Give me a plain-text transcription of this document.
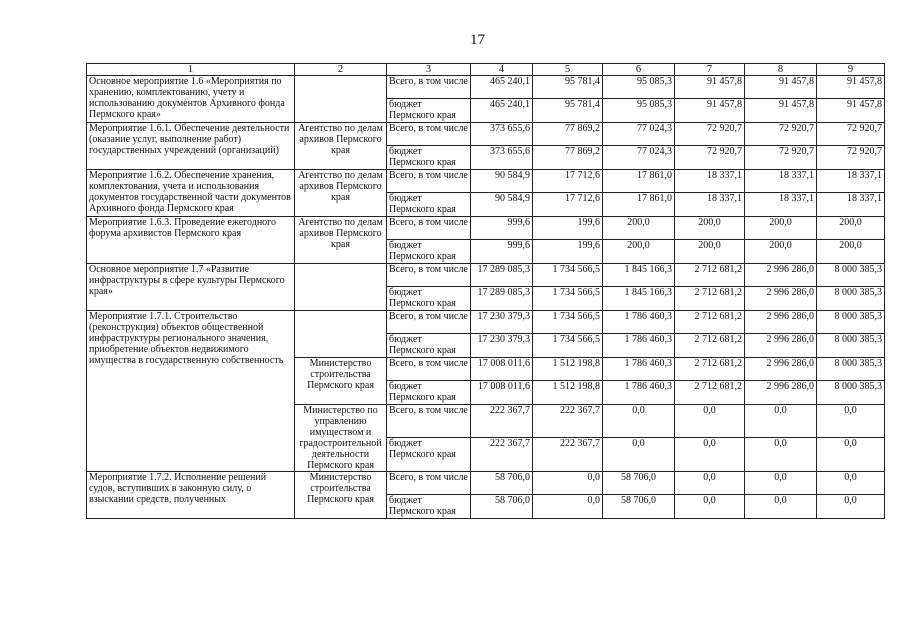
17
1	2	3	4	5	6	7	8	9
Основное мероприятие 1.6 «Мероприятия по хранению, комплектованию, учету и использованию документов Архивного фонда Пермского края»		Всего, в том числе	465 240,1	95 781,4	95 085,3	91 457,8	91 457,8	91 457,8
		бюджет Пермского края	465 240,1	95 781,4	95 085,3	91 457,8	91 457,8	91 457,8
Мероприятие 1.6.1. Обеспечение деятельности (оказание услуг, выполнение работ) государственных учреждений (организаций)	Агентство по делам архивов Пермского края	Всего, в том числе	373 655,6	77 869,2	77 024,3	72 920,7	72 920,7	72 920,7
		бюджет Пермского края	373 655,6	77 869,2	77 024,3	72 920,7	72 920,7	72 920,7
Мероприятие 1.6.2. Обеспечение хранения, комплектования, учета и использования документов государственной части документов Архивного фонда Пермского края	Агентство по делам архивов Пермского края	Всего, в том числе	90 584,9	17 712,6	17 861,0	18 337,1	18 337,1	18 337,1
		бюджет Пермского края	90 584,9	17 712,6	17 861,0	18 337,1	18 337,1	18 337,1
Мероприятие 1.6.3. Проведение ежегодного форума архивистов Пермского края	Агентство по делам архивов Пермского края	Всего, в том числе	999,6	199,6	200,0	200,0	200,0	200,0
		бюджет Пермского края	999,6	199,6	200,0	200,0	200,0	200,0
Основное мероприятие 1.7 «Развитие инфраструктуры в сфере культуры Пермского края»		Всего, в том числе	17 289 085,3	1 734 566,5	1 845 166,3	2 712 681,2	2 996 286,0	8 000 385,3
		бюджет Пермского края	17 289 085,3	1 734 566,5	1 845 166,3	2 712 681,2	2 996 286,0	8 000 385,3
Мероприятие 1.7.1. Строительство (реконструкция) объектов общественной инфраструктуры регионального значения, приобретение объектов недвижимого имущества в государственную собственность		Всего, в том числе	17 230 379,3	1 734 566,5	1 786 460,3	2 712 681,2	2 996 286,0	8 000 385,3
		бюджет Пермского края	17 230 379,3	1 734 566,5	1 786 460,3	2 712 681,2	2 996 286,0	8 000 385,3
	Министерство строительства Пермского края	Всего, в том числе	17 008 011,6	1 512 198,8	1 786 460,3	2 712 681,2	2 996 286,0	8 000 385,3
		бюджет Пермского края	17 008 011,6	1 512 198,8	1 786 460,3	2 712 681,2	2 996 286,0	8 000 385,3
	Министерство по управлению имуществом и градостроительной деятельности Пермского края	Всего, в том числе	222 367,7	222 367,7	0,0	0,0	0,0	0,0
		бюджет Пермского края	222 367,7	222 367,7	0,0	0,0	0,0	0,0
Мероприятие 1.7.2. Исполнение решений судов, вступивших в законную силу, о взыскании средств, полученных	Министерство строительства Пермского края	Всего, в том числе	58 706,0	0,0	58 706,0	0,0	0,0	0,0
		бюджет Пермского края	58 706,0	0,0	58 706,0	0,0	0,0	0,0
